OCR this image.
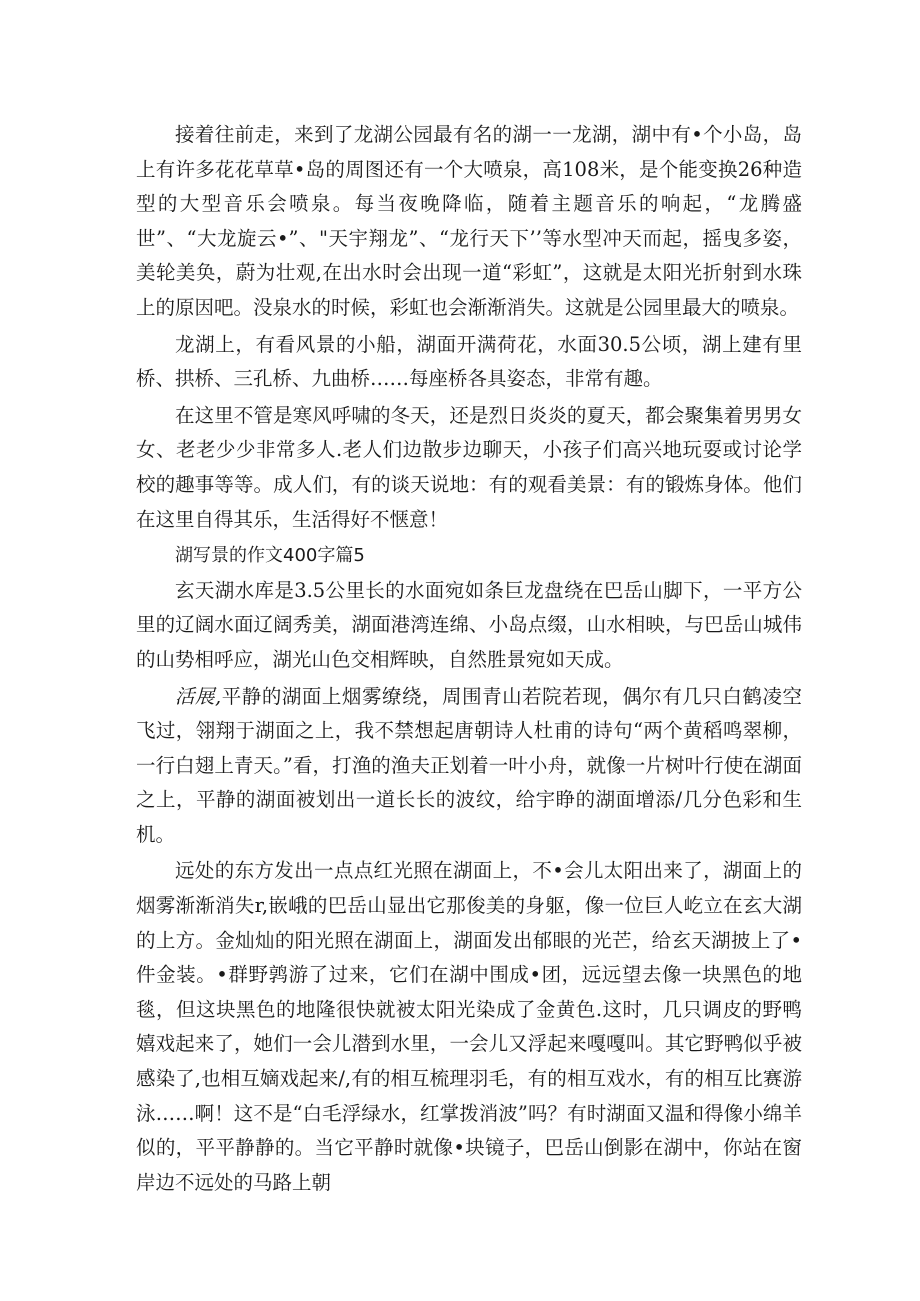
接着往前走，来到了龙湖公园最有名的湖一一龙湖，湖中有•个小岛，岛上有许多花花草草•岛的周图还有一个大喷泉，高108米，是个能变换26种造型的大型音乐会喷泉。每当夜晚降临，随着主题音乐的响起，“龙腾盛世”、“大龙旋云•”、"天宇翔龙”、“龙行天下’’等水型冲天而起，摇曳多姿，美轮美奂，蔚为壮观,在出水时会出现一道“彩虹”，这就是太阳光折射到水珠上的原因吧。没泉水的时候，彩虹也会渐渐消失。这就是公园里最大的喷泉。

龙湖上，有看风景的小船，湖面开满荷花，水面30.5公顷，湖上建有里桥、拱桥、三孔桥、九曲桥……每座桥各具姿态，非常有趣。

在这里不管是寒风呼啸的冬天，还是烈日炎炎的夏天，都会聚集着男男女女、老老少少非常多人.老人们边散步边聊天，小孩子们高兴地玩耍或讨论学校的趣事等等。成人们，有的谈天说地：有的观看美景：有的锻炼身体。他们在这里自得其乐，生活得好不惬意！

湖写景的作文400字篇5

玄天湖水库是3.5公里长的水面宛如条巨龙盘绕在巴岳山脚下，一平方公里的辽阔水面辽阔秀美，湖面港湾连绵、小岛点缀，山水相映，与巴岳山城伟的山势相呼应，湖光山色交相辉映，自然胜景宛如天成。

活展,平静的湖面上烟雾缭绕，周围青山若院若现，偶尔有几只白鹤凌空飞过，翎翔于湖面之上，我不禁想起唐朝诗人杜甫的诗句“两个黄稻鸣翠柳，一行白翅上青天。”看，打渔的渔夫正划着一叶小舟，就像一片树叶行使在湖面之上，平静的湖面被划出一道长长的波纹，给宇睁的湖面增添/几分色彩和生机。

远处的东方发出一点点红光照在湖面上，不•会儿太阳出来了，湖面上的烟雾渐渐消失r,嵌峨的巴岳山显出它那俊美的身躯，像一位巨人屹立在玄大湖的上方。金灿灿的阳光照在湖面上，湖面发出郁眼的光芒，给玄天湖披上了•件金装。•群野鹑游了过来，它们在湖中围成•团，远远望去像一块黑色的地毯，但这块黑色的地隆很快就被太阳光染成了金黄色.这时，几只调皮的野鸭嬉戏起来了，她们一会儿潜到水里，一会儿又浮起来嘎嘎叫。其它野鸭似乎被感染了,也相互嫡戏起来/,有的相互梳理羽毛，有的相互戏水，有的相互比赛游泳……啊！这不是“白毛浮绿水，红掌拨消波”吗？有时湖面又温和得像小绵羊似的，平平静静的。当它平静时就像•块镜子，巴岳山倒影在湖中，你站在窗岸边不远处的马路上朝
